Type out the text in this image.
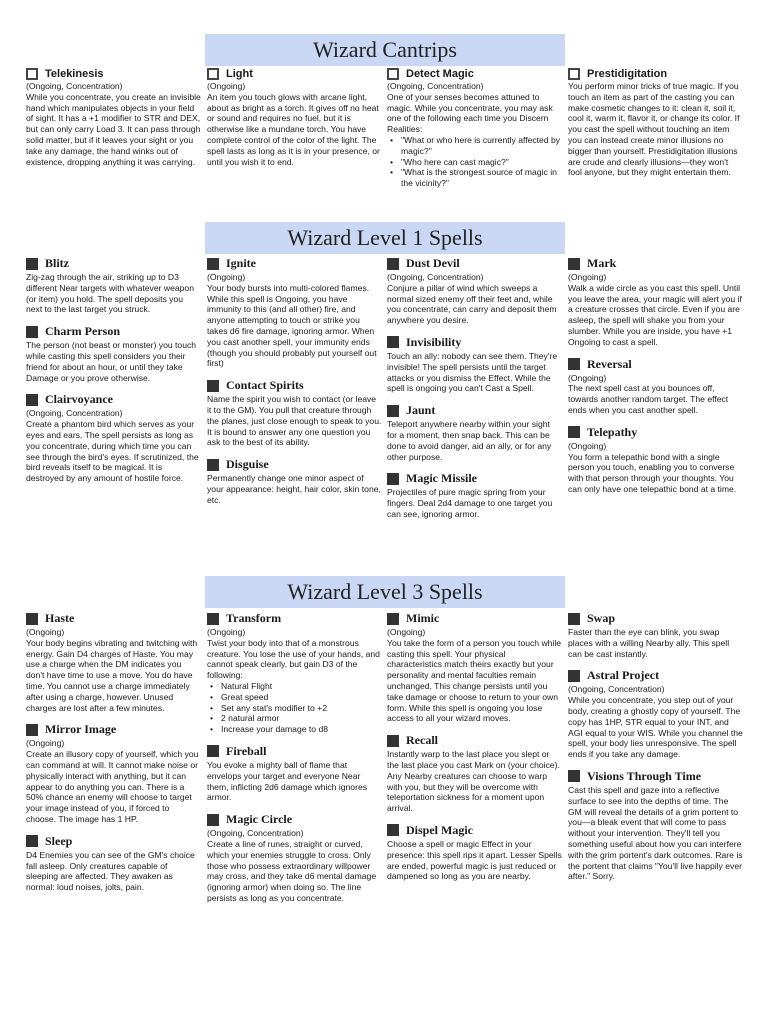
Wizard Cantrips
Telekinesis
(Ongoing, Concentration)
While you concentrate, you create an invisible hand which manipulates objects in your field of sight. It has a +1 modifier to STR and DEX, but can only carry Load 3. It can pass through solid matter, but if it leaves your sight or you take any damage, the hand winks out of existence, dropping anything it was carrying.
Light
(Ongoing)
An item you touch glows with arcane light, about as bright as a torch. It gives off no heat or sound and requires no fuel, but it is otherwise like a mundane torch. You have complete control of the color of the light. The spell lasts as long as it is in your presence, or until you wish it to end.
Detect Magic
(Ongoing, Concentration)
One of your senses becomes attuned to magic. While you concentrate, you may ask one of the following each time you Discern Realities:
• "What or who here is currently affected by magic?"
• "Who here can cast magic?"
• "What is the strongest source of magic in the vicinity?"
Prestidigitation
You perform minor tricks of true magic. If you touch an item as part of the casting you can make cosmetic changes to it: clean it, soil it, cool it, warm it, flavor it, or change its color. If you cast the spell without touching an item you can instead create minor illusions no bigger than yourself. Prestidigitation illusions are crude and clearly illusions—they won't fool anyone, but they might entertain them.
Wizard Level 1 Spells
Blitz
Zig-zag through the air, striking up to D3 different Near targets with whatever weapon (or item) you hold. The spell deposits you next to the last target you struck.
Charm Person
The person (not beast or monster) you touch while casting this spell considers you their friend for about an hour, or until they take Damage or you prove otherwise.
Clairvoyance
(Ongoing, Concentration)
Create a phantom bird which serves as your eyes and ears. The spell persists as long as you concentrate, during which time you can see through the bird's eyes. If scrutinized, the bird reveals itself to be magical. It is destroyed by any amount of hostile force.
Ignite
(Ongoing)
Your body bursts into multi-colored flames. While this spell is Ongoing, you have immunity to this (and all other) fire, and anyone attempting to touch or strike you takes d6 fire damage, ignoring armor. When you cast another spell, your immunity ends (though you should probably put yourself out first)
Contact Spirits
Name the spirit you wish to contact (or leave it to the GM). You pull that creature through the planes, just close enough to speak to you. It is bound to answer any one question you ask to the best of its ability.
Disguise
Permanently change one minor aspect of your appearance: height, hair color, skin tone, etc.
Dust Devil
(Ongoing, Concentration)
Conjure a pillar of wind which sweeps a normal sized enemy off their feet and, while you concentrate, can carry and deposit them anywhere you desire.
Invisibility
Touch an ally: nobody can see them. They're invisible! The spell persists until the target attacks or you dismiss the Effect. While the spell is ongoing you can't Cast a Spell.
Jaunt
Teleport anywhere nearby within your sight for a moment, then snap back. This can be done to avoid danger, aid an ally, or for any other purpose.
Magic Missile
Projectiles of pure magic spring from your fingers. Deal 2d4 damage to one target you can see, ignoring armor.
Mark
(Ongoing)
Walk a wide circle as you cast this spell. Until you leave the area, your magic will alert you if a creature crosses that circle. Even if you are asleep, the spell will shake you from your slumber. While you are inside, you have +1 Ongoing to cast a spell.
Reversal
(Ongoing)
The next spell cast at you bounces off, towards another random target. The effect ends when you cast another spell.
Telepathy
(Ongoing)
You form a telepathic bond with a single person you touch, enabling you to converse with that person through your thoughts. You can only have one telepathic bond at a time.
Wizard Level 3 Spells
Haste
(Ongoing)
Your body begins vibrating and twitching with energy. Gain D4 charges of Haste. You may use a charge when the DM indicates you don't have time to use a move. You do have time. You cannot use a charge immediately after using a charge, however. Unused charges are lost after a few minutes.
Mirror Image
(Ongoing)
Create an illusory copy of yourself, which you can command at will. It cannot make noise or physically interact with anything, but it can appear to do anything you can. There is a 50% chance an enemy will choose to target your image instead of you, if forced to choose. The image has 1 HP.
Sleep
D4 Enemies you can see of the GM's choice fall asleep. Only creatures capable of sleeping are affected. They awaken as normal: loud noises, jolts, pain.
Transform
(Ongoing)
Twist your body into that of a monstrous creature. You lose the use of your hands, and cannot speak clearly, but gain D3 of the following:
• Natural Flight
• Great speed
• Set any stat's modifier to +2
• 2 natural armor
• Increase your damage to d8
Fireball
You evoke a mighty ball of flame that envelops your target and everyone Near them, inflicting 2d6 damage which ignores armor.
Magic Circle
(Ongoing, Concentration)
Create a line of runes, straight or curved, which your enemies struggle to cross. Only those who possess extraordinary willpower may cross, and they take d6 mental damage (ignoring armor) when doing so. The line persists as long as you concentrate.
Mimic
(Ongoing)
You take the form of a person you touch while casting this spell. Your physical characteristics match theirs exactly but your personality and mental faculties remain unchanged. This change persists until you take damage or choose to return to your own form. While this spell is ongoing you lose access to all your wizard moves.
Recall
Instantly warp to the last place you slept or the last place you cast Mark on (your choice). Any Nearby creatures can choose to warp with you, but they will be overcome with teleportation sickness for a moment upon arrival.
Dispel Magic
Choose a spell or magic Effect in your presence: this spell rips it apart. Lesser Spells are ended, powerful magic is just reduced or dampened so long as you are nearby.
Swap
Faster than the eye can blink, you swap places with a willing Nearby ally. This spell can be cast instantly.
Astral Project
(Ongoing, Concentration)
While you concentrate, you step out of your body, creating a ghostly copy of yourself. The copy has 1HP, STR equal to your INT, and AGI equal to your WIS. While you channel the spell, your body lies unresponsive. The spell ends if you take any damage.
Visions Through Time
Cast this spell and gaze into a reflective surface to see into the depths of time. The GM will reveal the details of a grim portent to you—a bleak event that will come to pass without your intervention. They'll tell you something useful about how you can interfere with the grim portent's dark outcomes. Rare is the portent that claims "You'll live happily ever after." Sorry.
